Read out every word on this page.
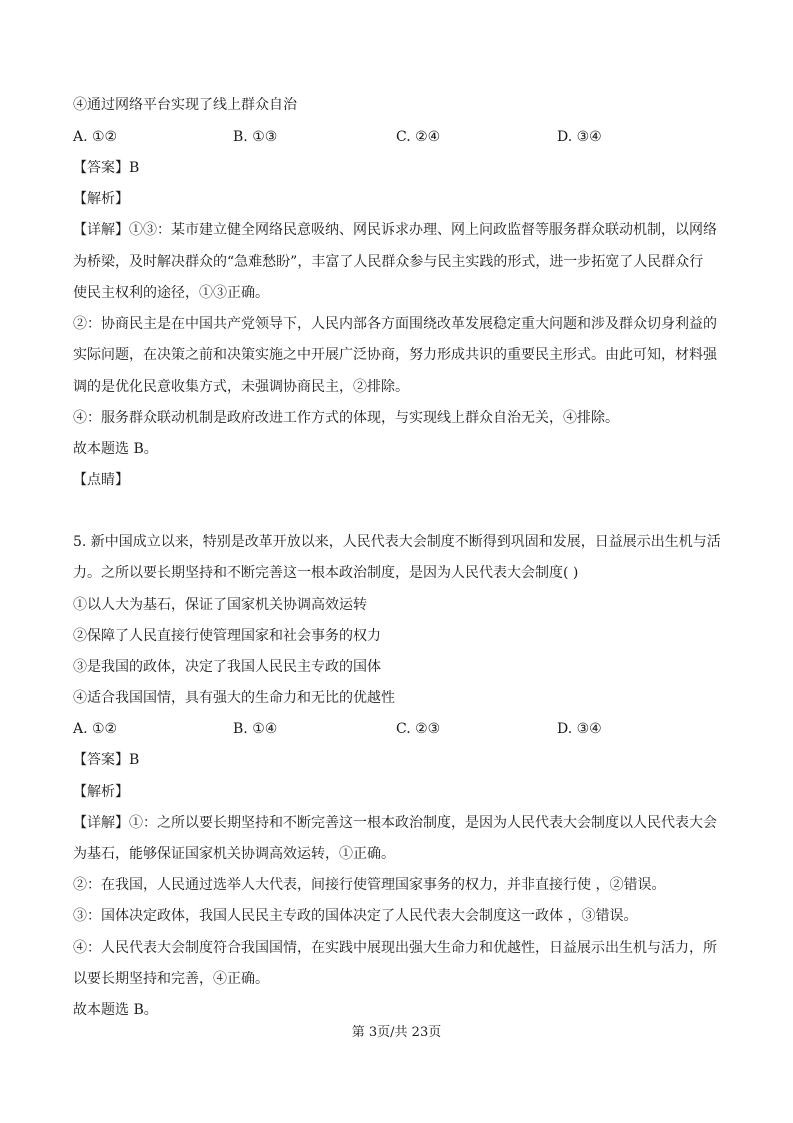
④通过网络平台实现了线上群众自治
A. ①②	B. ①③	C. ②④	D. ③④
【答案】B
【解析】
【详解】①③：某市建立健全网络民意吸纳、网民诉求办理、网上问政监督等服务群众联动机制，以网络
为桥梁，及时解决群众的“急难愁盼”，丰富了人民群众参与民主实践的形式，进一步拓宽了人民群众行
使民主权利的途径，①③正确。
②：协商民主是在中国共产党领导下，人民内部各方面围绕改革发展稳定重大问题和涉及群众切身利益的
实际问题，在决策之前和决策实施之中开展广泛协商，努力形成共识的重要民主形式。由此可知，材料强
调的是优化民意收集方式，未强调协商民主，②排除。
④：服务群众联动机制是政府改进工作方式的体现，与实现线上群众自治无关，④排除。
故本题选 B。
【点睛】
5. 新中国成立以来，特别是改革开放以来，人民代表大会制度不断得到巩固和发展，日益展示出生机与活
力。之所以要长期坚持和不断完善这一根本政治制度，是因为人民代表大会制度( )
①以人大为基石，保证了国家机关协调高效运转
②保障了人民直接行使管理国家和社会事务的权力
③是我国的政体，决定了我国人民民主专政的国体
④适合我国国情，具有强大的生命力和无比的优越性
A. ①②	B. ①④	C. ②③	D. ③④
【答案】B
【解析】
【详解】①：之所以要长期坚持和不断完善这一根本政治制度，是因为人民代表大会制度以人民代表大会
为基石，能够保证国家机关协调高效运转，①正确。
②：在我国，人民通过选举人大代表，间接行使管理国家事务的权力，并非直接行使 ，②错误。
③：国体决定政体，我国人民民主专政的国体决定了人民代表大会制度这一政体 ，③错误。
④：人民代表大会制度符合我国国情，在实践中展现出强大生命力和优越性，日益展示出生机与活力，所
以要长期坚持和完善，④正确。
故本题选 B。
第 3页/共 23页
